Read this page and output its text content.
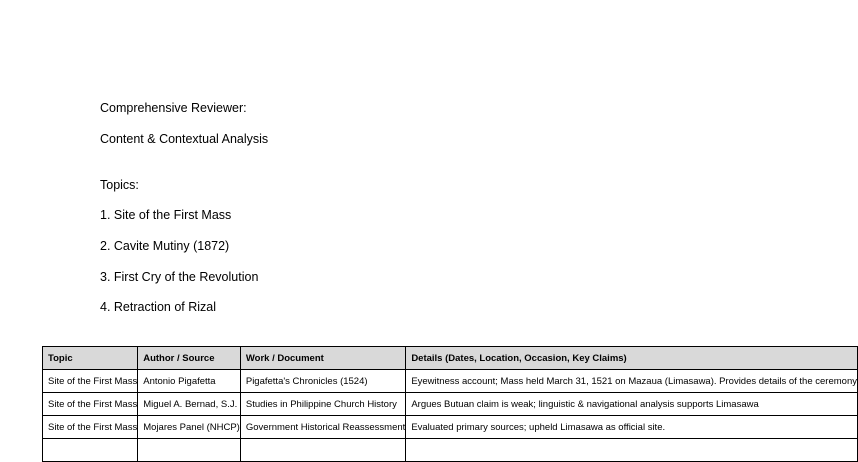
Comprehensive Reviewer:
Content & Contextual Analysis
Topics:
1. Site of the First Mass
2. Cavite Mutiny (1872)
3. First Cry of the Revolution
4. Retraction of Rizal
Topic	Author / Source	Work / Document	Details (Dates, Location, Occasion, Key Claims)
Site of the First Mass	Antonio Pigafetta	Pigafetta's Chronicles (1524)	Eyewitness account; Mass held March 31, 1521 on Mazaua (Limasawa). Provides details of the ceremony
Site of the First Mass	Miguel A. Bernad, S.J.	Studies in Philippine Church History	Argues Butuan claim is weak; linguistic & navigational analysis supports Limasawa
Site of the First Mass	Mojares Panel (NHCP)	Government Historical Reassessment	Evaluated primary sources; upheld Limasawa as official site.
